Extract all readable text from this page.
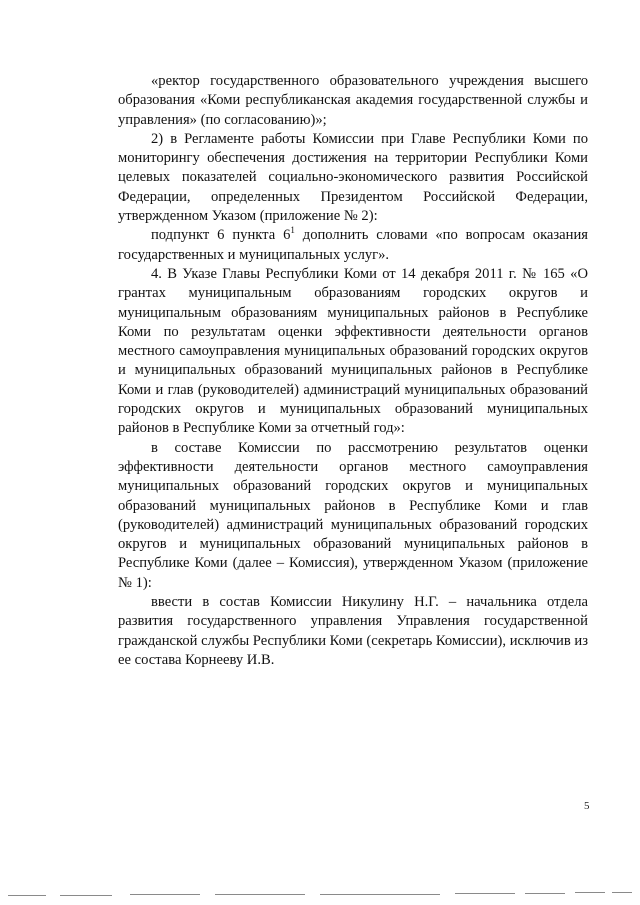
«ректор государственного образовательного учреждения высшего образования «Коми республиканская академия государственной службы и управления» (по согласованию)»;

2) в Регламенте работы Комиссии при Главе Республики Коми по мониторингу обеспечения достижения на территории Республики Коми целевых показателей социально-экономического развития Российской Федерации, определенных Президентом Российской Федерации, утвержденном Указом (приложение № 2):

подпункт 6 пункта $6^1$ дополнить словами «по вопросам оказания государственных и муниципальных услуг».

4. В Указе Главы Республики Коми от 14 декабря 2011 г. № 165 «О грантах муниципальным образованиям городских округов и муниципальным образованиям муниципальных районов в Республике Коми по результатам оценки эффективности деятельности органов местного самоуправления муниципальных образований городских округов и муниципальных образований муниципальных районов в Республике Коми и глав (руководителей) администраций муниципальных образований городских округов и муниципальных образований муниципальных районов в Республике Коми за отчетный год»:

в составе Комиссии по рассмотрению результатов оценки эффективности деятельности органов местного самоуправления муниципальных образований городских округов и муниципальных образований муниципальных районов в Республике Коми и глав (руководителей) администраций муниципальных образований городских округов и муниципальных образований муниципальных районов в Республике Коми (далее – Комиссия), утвержденном Указом (приложение № 1):

ввести в состав Комиссии Никулину Н.Г. – начальника отдела развития государственного управления Управления государственной гражданской службы Республики Коми (секретарь Комиссии), исключив из ее состава Корнееву И.В.

5
